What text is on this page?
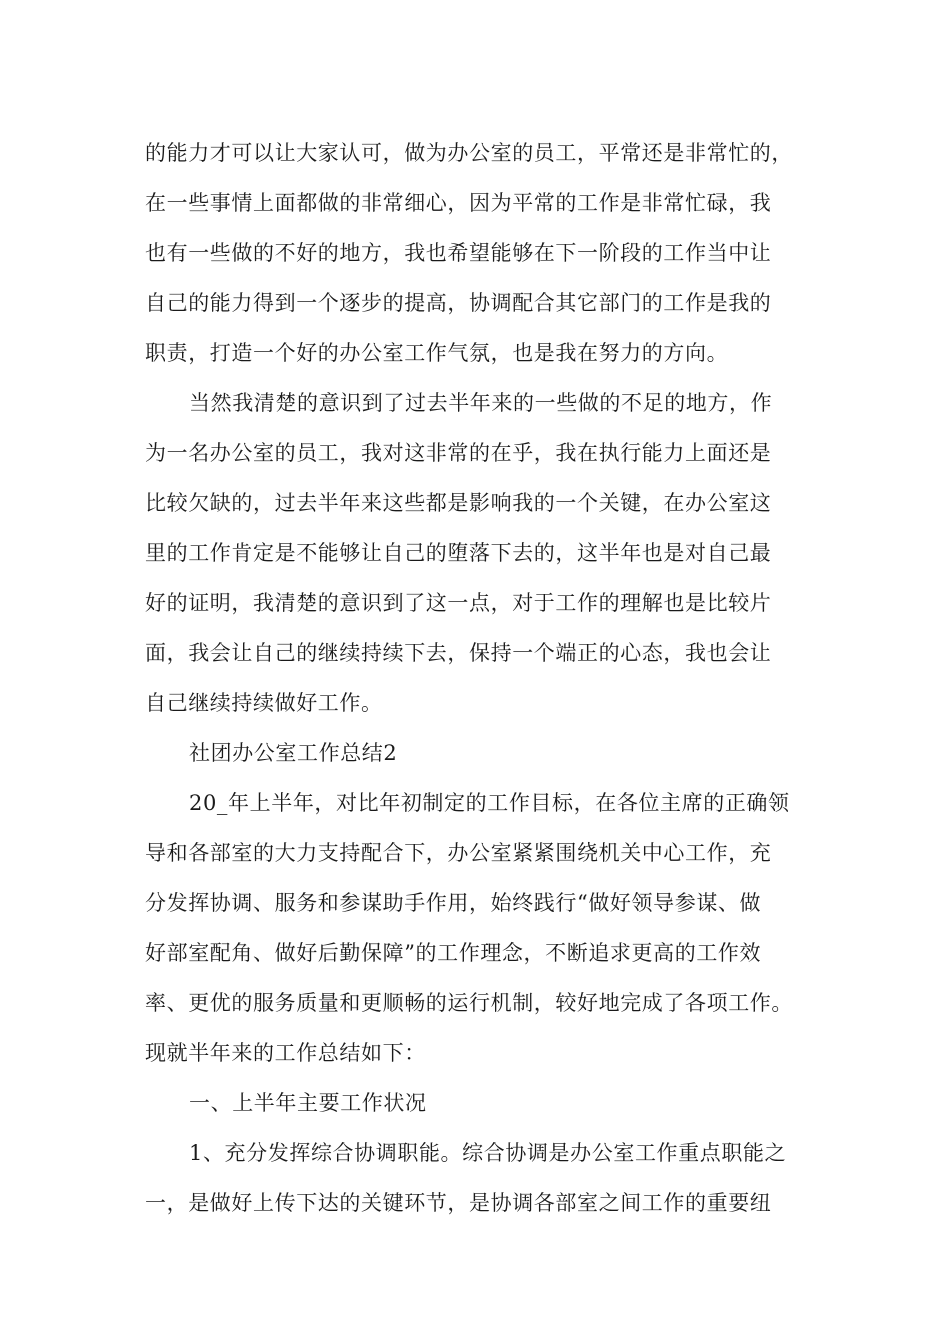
的能力才可以让大家认可，做为办公室的员工，平常还是非常忙的，
在一些事情上面都做的非常细心，因为平常的工作是非常忙碌，我
也有一些做的不好的地方，我也希望能够在下一阶段的工作当中让
自己的能力得到一个逐步的提高，协调配合其它部门的工作是我的
职责，打造一个好的办公室工作气氛，也是我在努力的方向。
当然我清楚的意识到了过去半年来的一些做的不足的地方，作
为一名办公室的员工，我对这非常的在乎，我在执行能力上面还是
比较欠缺的，过去半年来这些都是影响我的一个关键，在办公室这
里的工作肯定是不能够让自己的堕落下去的，这半年也是对自己最
好的证明，我清楚的意识到了这一点，对于工作的理解也是比较片
面，我会让自己的继续持续下去，保持一个端正的心态，我也会让
自己继续持续做好工作。
社团办公室工作总结2
20_年上半年，对比年初制定的工作目标，在各位主席的正确领
导和各部室的大力支持配合下，办公室紧紧围绕机关中心工作，充
分发挥协调、服务和参谋助手作用，始终践行“做好领导参谋、做
好部室配角、做好后勤保障”的工作理念，不断追求更高的工作效
率、更优的服务质量和更顺畅的运行机制，较好地完成了各项工作。
现就半年来的工作总结如下：
一、上半年主要工作状况
1、充分发挥综合协调职能。综合协调是办公室工作重点职能之
一，是做好上传下达的关键环节，是协调各部室之间工作的重要纽
